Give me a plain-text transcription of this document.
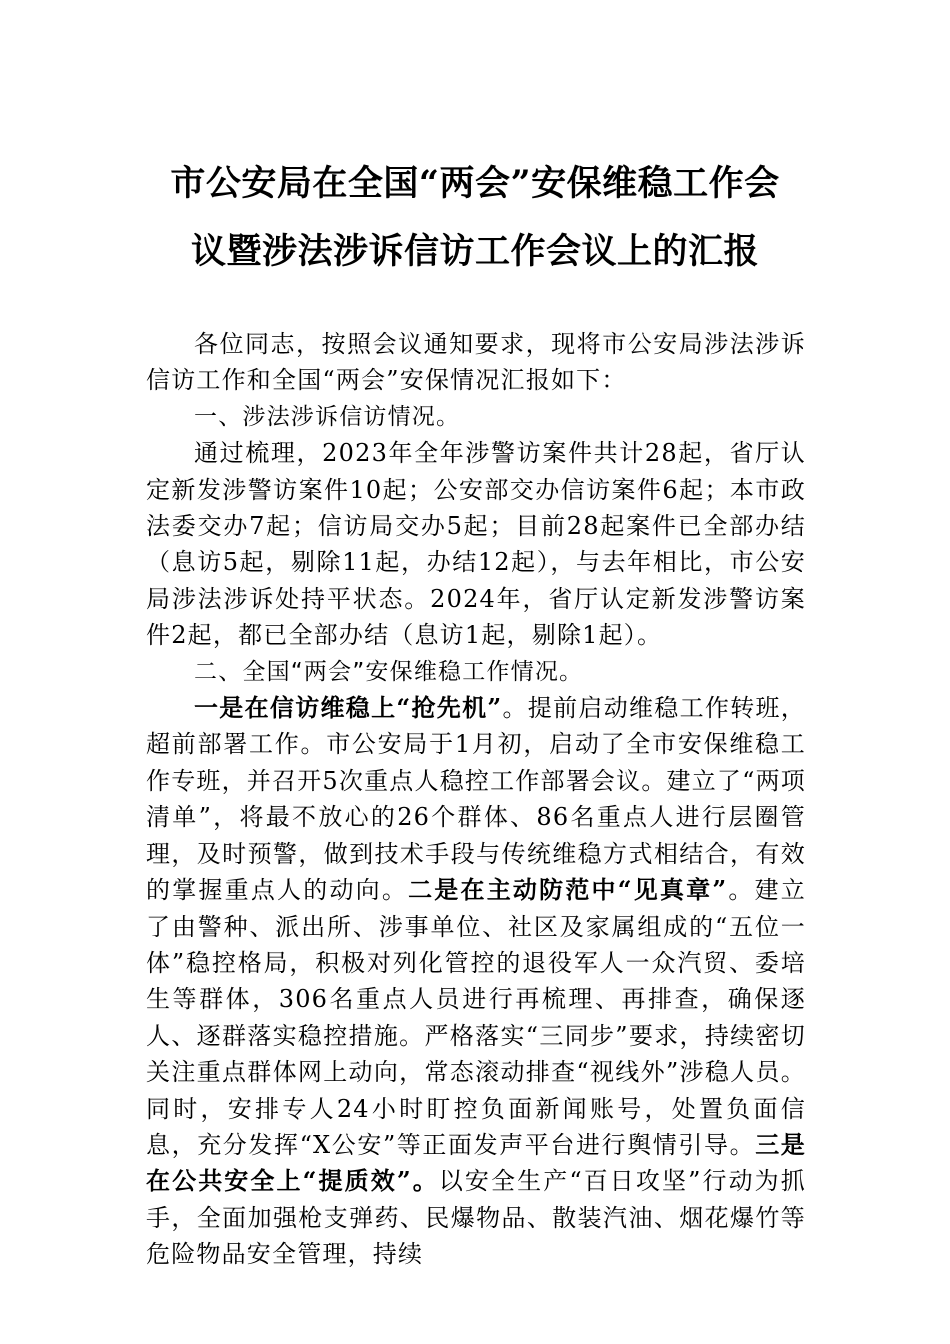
市公安局在全国“两会”安保维稳工作会
议暨涉法涉诉信访工作会议上的汇报

各位同志，按照会议通知要求，现将市公安局涉法涉诉信访工作和全国“两会”安保情况汇报如下：

一、涉法涉诉信访情况。

通过梳理，2023年全年涉警访案件共计28起，省厅认定新发涉警访案件10起；公安部交办信访案件6起；本市政法委交办7起；信访局交办5起；目前28起案件已全部办结（息访5起，剔除11起，办结12起），与去年相比，市公安局涉法涉诉处持平状态。2024年，省厅认定新发涉警访案件2起，都已全部办结（息访1起，剔除1起）。

二、全国“两会”安保维稳工作情况。

一是在信访维稳上“抢先机”。提前启动维稳工作转班，超前部署工作。市公安局于1月初，启动了全市安保维稳工作专班，并召开5次重点人稳控工作部署会议。建立了“两项清单”，将最不放心的26个群体、86名重点人进行层圈管理，及时预警，做到技术手段与传统维稳方式相结合，有效的掌握重点人的动向。二是在主动防范中“见真章”。建立了由警种、派出所、涉事单位、社区及家属组成的“五位一体”稳控格局，积极对列化管控的退役军人一众汽贸、委培生等群体，306名重点人员进行再梳理、再排查，确保逐人、逐群落实稳控措施。严格落实“三同步”要求，持续密切关注重点群体网上动向，常态滚动排查“视线外”涉稳人员。同时，安排专人24小时盯控负面新闻账号，处置负面信息，充分发挥“X公安”等正面发声平台进行舆情引导。三是在公共安全上“提质效”。以安全生产“百日攻坚”行动为抓手，全面加强枪支弹药、民爆物品、散装汽油、烟花爆竹等危险物品安全管理，持续
